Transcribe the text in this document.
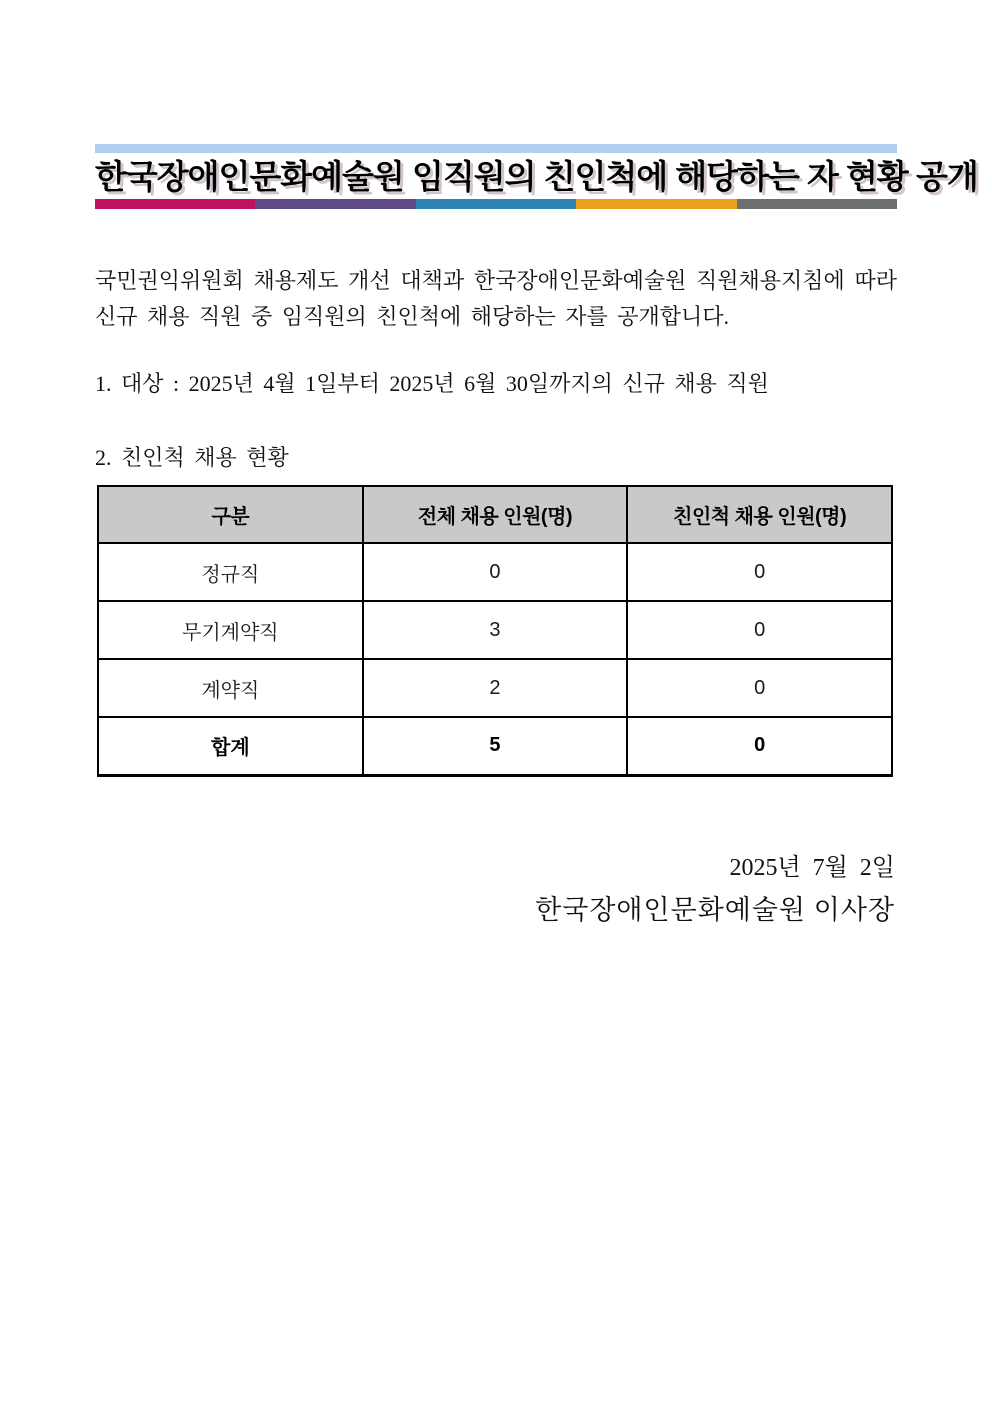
한국장애인문화예술원 임직원의 친인척에 해당하는 자 현황 공개

국민권익위원회 채용제도 개선 대책과 한국장애인문화예술원 직원채용지침에 따라 신규 채용 직원 중 임직원의 친인척에 해당하는 자를 공개합니다.

1. 대상 : 2025년 4월 1일부터 2025년 6월 30일까지의 신규 채용 직원
2. 친인척 채용 현황
구분	전체 채용 인원(명)	친인척 채용 인원(명)
정규직	0	0
무기계약직	3	0
계약직	2	0
합계	5	0
2025년  7월  2일
한국장애인문화예술원 이사장
